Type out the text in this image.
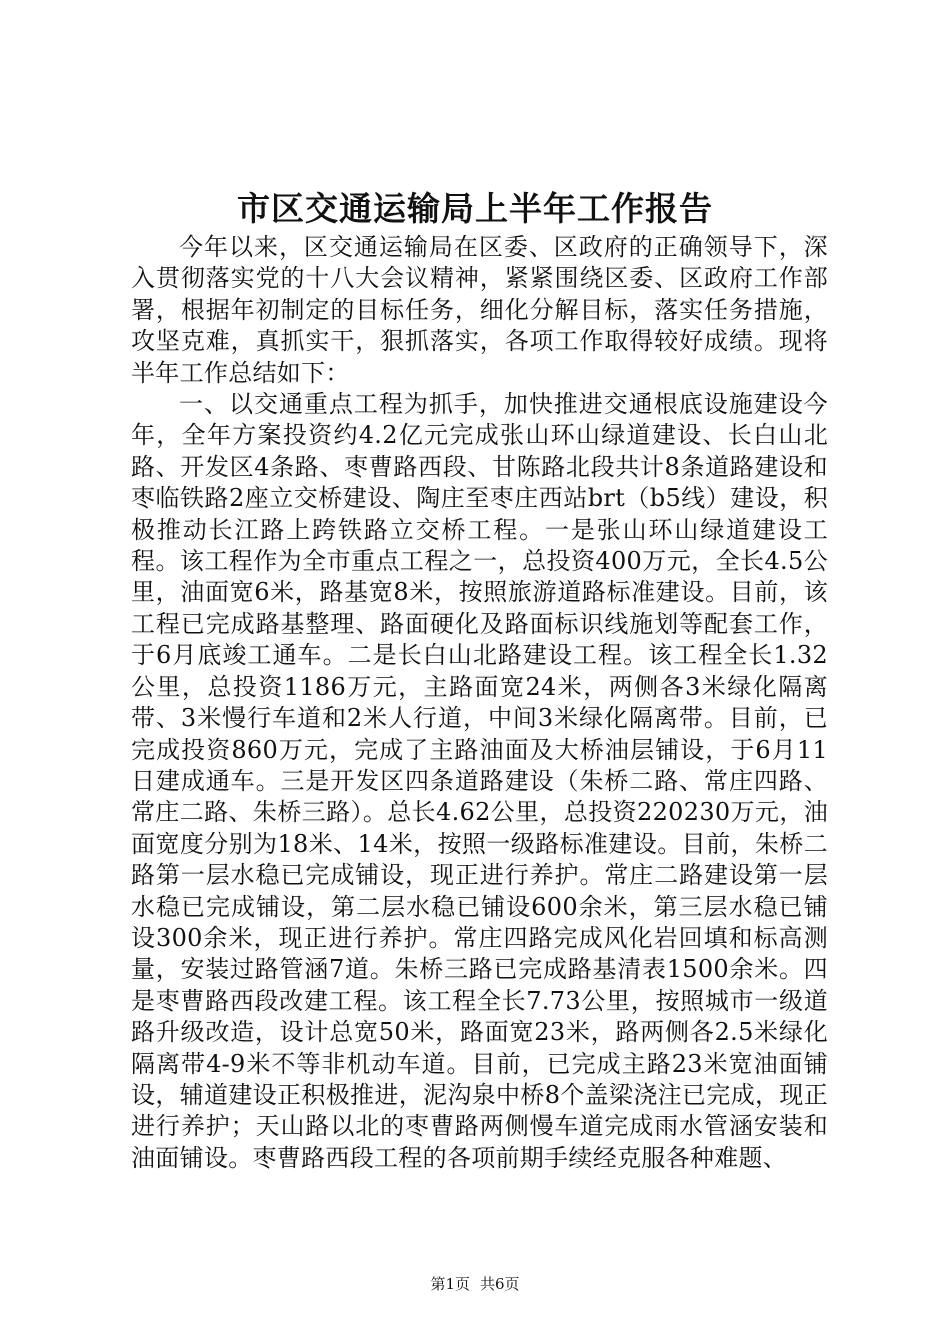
市区交通运输局上半年工作报告

今年以来，区交通运输局在区委、区政府的正确领导下，深入贯彻落实党的十八大会议精神，紧紧围绕区委、区政府工作部署，根据年初制定的目标任务，细化分解目标，落实任务措施，攻坚克难，真抓实干，狠抓落实，各项工作取得较好成绩。现将半年工作总结如下：

一、以交通重点工程为抓手，加快推进交通根底设施建设今年，全年方案投资约4.2亿元完成张山环山绿道建设、长白山北路、开发区4条路、枣曹路西段、甘陈路北段共计8条道路建设和枣临铁路2座立交桥建设、陶庄至枣庄西站brt（b5线）建设，积极推动长江路上跨铁路立交桥工程。一是张山环山绿道建设工程。该工程作为全市重点工程之一，总投资400万元，全长4.5公里，油面宽6米，路基宽8米，按照旅游道路标准建设。目前，该工程已完成路基整理、路面硬化及路面标识线施划等配套工作，于6月底竣工通车。二是长白山北路建设工程。该工程全长1.32公里，总投资1186万元，主路面宽24米，两侧各3米绿化隔离带、3米慢行车道和2米人行道，中间3米绿化隔离带。目前，已完成投资860万元，完成了主路油面及大桥油层铺设，于6月11日建成通车。三是开发区四条道路建设（朱桥二路、常庄四路、常庄二路、朱桥三路）。总长4.62公里，总投资220230万元，油面宽度分别为18米、14米，按照一级路标准建设。目前，朱桥二路第一层水稳已完成铺设，现正进行养护。常庄二路建设第一层水稳已完成铺设，第二层水稳已铺设600余米，第三层水稳已铺设300余米，现正进行养护。常庄四路完成风化岩回填和标高测量，安装过路管涵7道。朱桥三路已完成路基清表1500余米。四是枣曹路西段改建工程。该工程全长7.73公里，按照城市一级道路升级改造，设计总宽50米，路面宽23米，路两侧各2.5米绿化隔离带4-9米不等非机动车道。目前，已完成主路23米宽油面铺设，辅道建设正积极推进，泥沟泉中桥8个盖梁浇注已完成，现正进行养护；天山路以北的枣曹路两侧慢车道完成雨水管涵安装和油面铺设。枣曹路西段工程的各项前期手续经克服各种难题、

第1页 共6页
